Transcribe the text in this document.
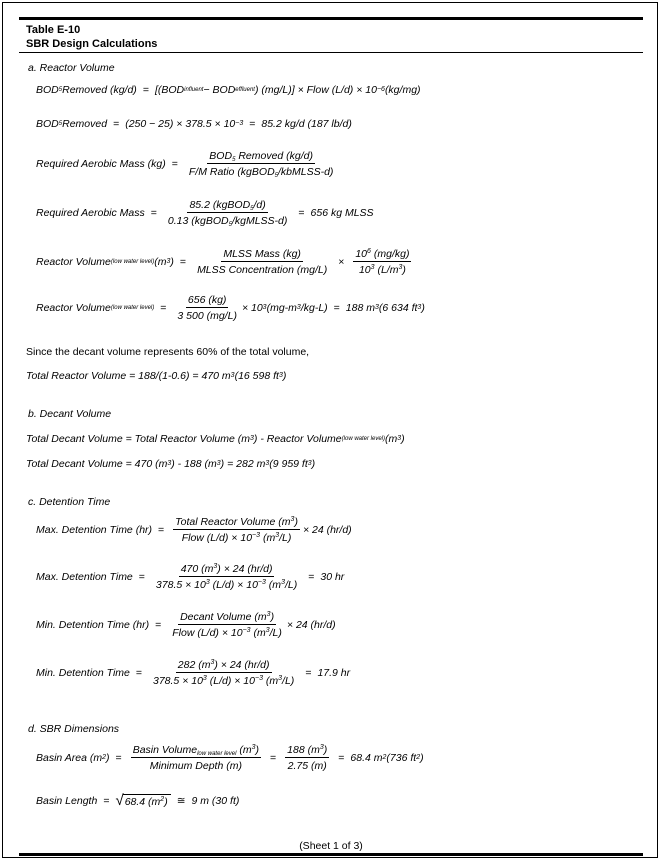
Table E-10
SBR Design Calculations
a. Reactor Volume
BOD 5 Removed (kg/d) = [(BOD influent − BOD effluent ) (mg/L)] × Flow (L/d) × 10 −6 (kg/mg)
BOD 5 Removed = (250 − 25) × 378.5 × 10 −3 = 85.2 kg/d (187 lb/d)
Required Aerobic Mass $(kg) = \frac{BOD_5 Removed (kg/d)}{F/M Ratio (kgBOD_5/kbMLSS-d)}$
Required Aerobic Mass = $\frac{85.2 (kgBOD_5/d)}{0.13 (kgBOD_5/kgMLSS-d)} = 656$ kg MLSS
Reactor Volume (low water level) (m 3 ) = $\frac{\text{MLSS Mass (kg)}}{\text{MLSS Concentration (mg/L)}} \times \frac{10^6 (mg/kg)}{10^3 (L/m^3)}$
Reactor Volume (low water level) = $\frac{656 (kg)}{3 500 (mg/L)} \times 10$ 3 (mg-m 3 /kg-L) = 188 m 3 (6 634 ft 3 )
Since the decant volume represents 60% of the total volume,
Total Reactor Volume = 188/(1-0.6) = 470 m 3 (16 598 ft 3 )
b. Decant Volume
Total Decant Volume = Total Reactor Volume (m 3 ) - Reactor Volume (low water level) (m 3 )
Total Decant Volume = 470 (m 3 ) - 188 (m 3 ) = 282 m 3 (9 959 ft 3 )
c. Detention Time
Max. Detention Time $(hr) = \frac{Total Reactor Volume (m^3)}{Flow (L/d) \times 10^{-3} (m^3/L)} \times 24$ (hr/d)
Max. Detention Time = $\frac{470 (m^3) \times 24 (hr/d)}{378.5 \times 10^3 (L/d) \times 10^{-3} (m^3/L)} = 30$ hr
Min. Detention Time $(hr) = \frac{Decant Volume (m^3)}{Flow (L/d) \times 10^{-3} (m^3/L)} \times 24$ (hr/d)
Min. Detention Time = $\frac{282 (m^3) \times 24 (hr/d)}{378.5 \times 10^3 (L/d) \times 10^{-3} (m^3/L)} = 17.9$ hr
d. SBR Dimensions
Basin Area (m 2 ) = $\frac{Basin Volume_{low water level} (m^3)}{\text{Minimum Depth (m)}} = \frac{188 (m^3)}{2.75 (m)} = 68.4$ m 2 (736 ft 2 )
Basin Length = √ 68.4 $(m^2)$ ≅ 9 m (30 ft)
(Sheet 1 of 3)
